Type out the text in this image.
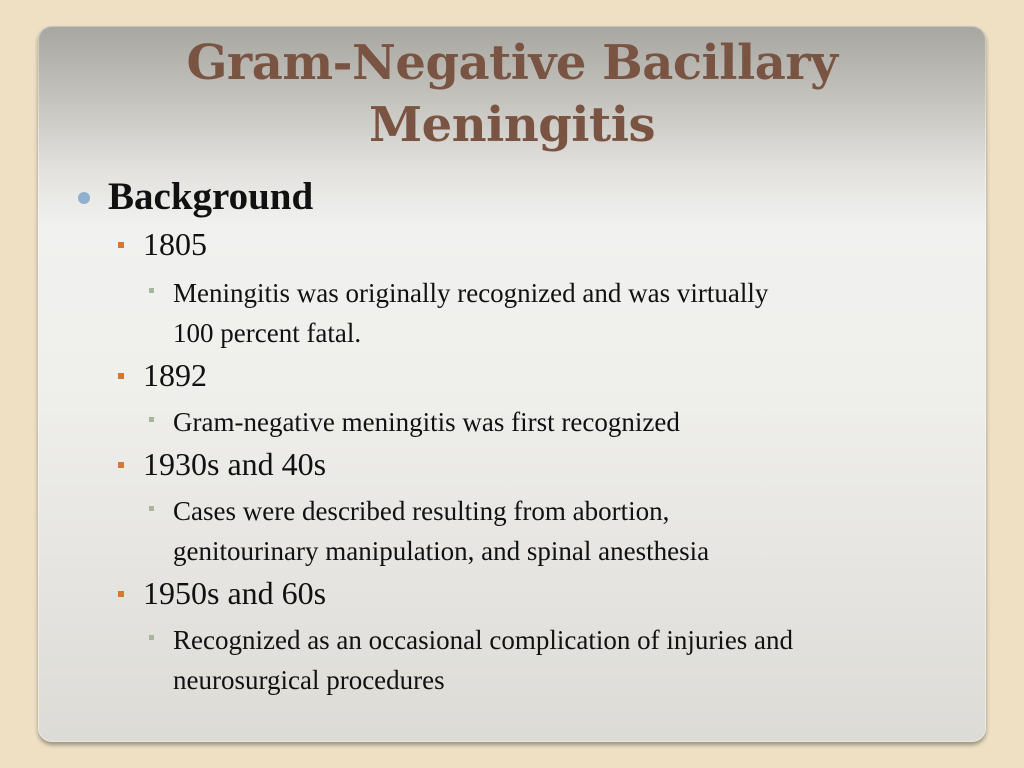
Gram-Negative Bacillary
Meningitis
Background
1805
Meningitis was originally recognized and was virtually
100 percent fatal.
1892
Gram-negative meningitis was first recognized
1930s and 40s
Cases were described resulting from abortion,
genitourinary manipulation, and spinal anesthesia
1950s and 60s
Recognized as an occasional complication of injuries and
neurosurgical procedures
